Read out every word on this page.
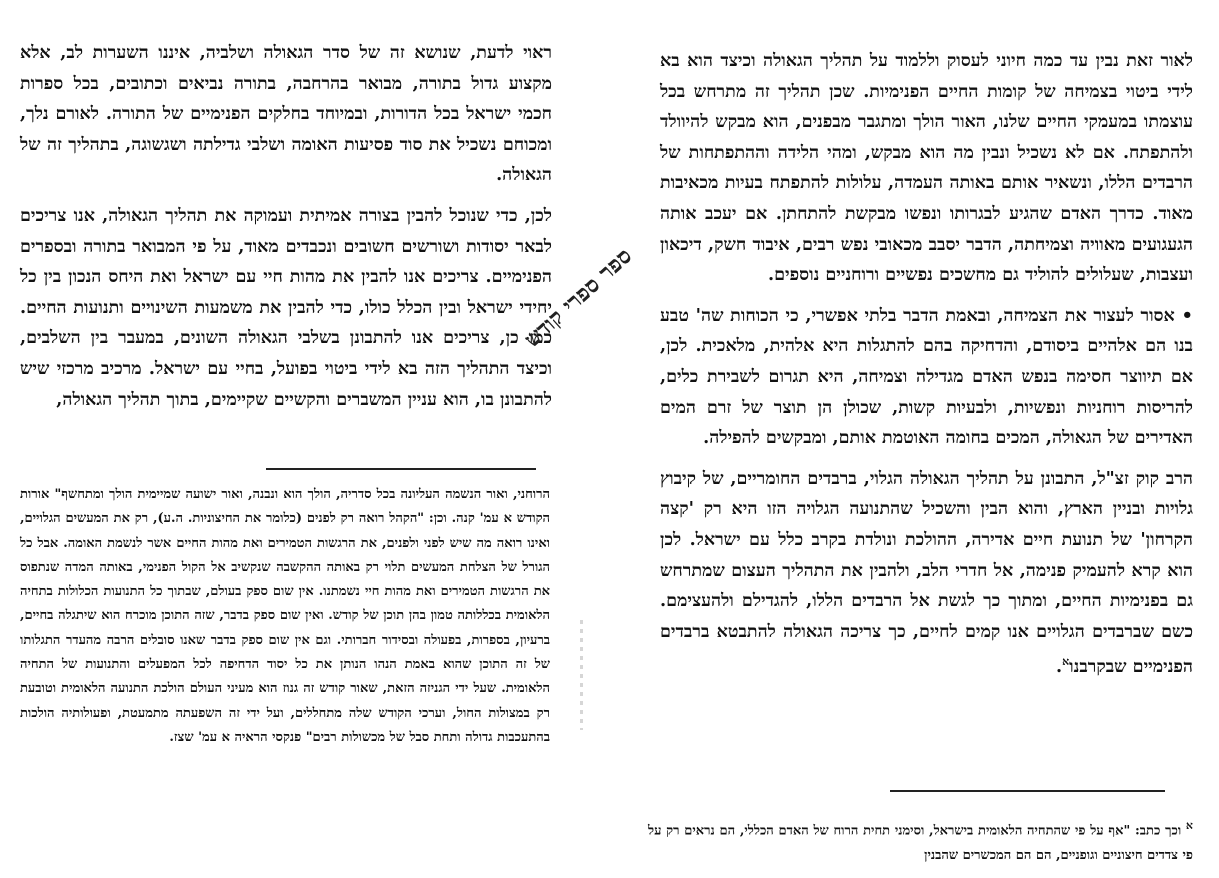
ראוי לדעת, שנושא זה של סדר הגאולה ושלביה, איננו השערות לב, אלא מקצוע גדול בתורה, מבואר בהרחבה, בתורה נביאים וכתובים, בכל ספרות חכמי ישראל בכל הדורות, ובמיוחד בחלקים הפנימיים של התורה. לאורם נלך, ומכוחם נשכיל את סוד פסיעות האומה ושלבי גדילתה ושגשוגה, בתהליך זה של הגאולה.

לכן, כדי שנוכל להבין בצורה אמיתית ועמוקה את תהליך הגאולה, אנו צריכים לבאר יסודות ושורשים חשובים ונכבדים מאוד, על פי המבואר בתורה ובספרים הפנימיים. צריכים אנו להבין את מהות חיי עם ישראל ואת היחס הנכון בין כל יחידי ישראל ובין הכלל כולו, כדי להבין את משמעות השינויים ותנועות החיים. כמו כן, צריכים אנו להתבונן בשלבי הגאולה השונים, במעבר בין השלבים, וכיצד התהליך הזה בא לידי ביטוי בפועל, בחיי עם ישראל. מרכיב מרכזי שיש להתבונן בו, הוא עניין המשברים והקשיים שקיימים, בתוך תהליך הגאולה,

הרוחני, ואור הנשמה העליונה בכל סדריה, הולך הוא ונבנה, ואור ישועה שמיימית הולך ומתחשף" אורות הקודש א עמ' קנה. וכן: "הקהל רואה רק לפנים (כלומר את החיצוניות. ה.ע), רק את המעשים הגלויים, ואינו רואה מה שיש לפני ולפנים, את הרגשות הטמירים ואת מהות החיים אשר לנשמת האומה. אבל כל הגורל של הצלחת המעשים תלוי רק באותה ההקשבה שנקשיב אל הקול הפנימי, באותה המדה שנתפוס את הרגשות הטמירים ואת מהות חיי נשמתנו. אין שום ספק בעולם, שבתוך כל התנועות הכלולות בתחיה הלאומית בכללותה טמון בהן תוכן של קודש. ואין שום ספק בדבר, שזה התוכן מוכרח הוא שיתגלה בחיים, ברעיון, בספרות, בפעולה ובסידור חברותי. וגם אין שום ספק בדבר שאנו סובלים הרבה מהעדר התגלותו של זה התוכן שהוא באמת הנהו הנותן את כל יסוד הדחיפה לכל המפעלים והתנועות של התחיה הלאומית. שעל ידי הגניזה הזאת, שאור קודש זה גנוז הוא מעיני העולם הולכת התנועה הלאומית וטובעת רק במצולות החול, וערכי הקודש שלה מתחללים, ועל ידי זה השפעתה מתמעטת, ופעולותיה הולכות בהתעכבות גדולה ותחת סבל של מכשולות רבים" פנקסי הראיה א עמ' שצז.

לאור זאת נבין עד כמה חיוני לעסוק וללמוד על תהליך הגאולה וכיצד הוא בא לידי ביטוי בצמיחה של קומות החיים הפנימיות. שכן תהליך זה מתרחש בכל עוצמתו במעמקי החיים שלנו, האור הולך ומתגבר מבפנים, הוא מבקש להיוולד ולהתפתח. אם לא נשכיל ונבין מה הוא מבקש, ומהי הלידה וההתפתחות של הרבדים הללו, ונשאיר אותם באותה העמדה, עלולות להתפתח בעיות מכאיבות מאוד. כדרך האדם שהגיע לבגרותו ונפשו מבקשת להתחתן. אם יעכב אותה הגעגועים מאוויה וצמיחתה, הדבר יסבב מכאובי נפש רבים, איבוד חשק, דיכאון ועצבות, שעלולים להוליד גם מחשכים נפשיים ורוחניים נוספים.

• אסור לעצור את הצמיחה, ובאמת הדבר בלתי אפשרי, כי הכוחות שה' טבע בנו הם אלהיים ביסודם, והדחיקה בהם להתגלות היא אלהית, מלאכית. לכן, אם תיווצר חסימה בנפש האדם מגדילה וצמיחה, היא תגרום לשבירת כלים, להריסות רוחניות ונפשיות, ולבעיות קשות, שכולן הן תוצר של זרם המים האדירים של הגאולה, המכים בחומה האוטמת אותם, ומבקשים להפילה.

הרב קוק זצ"ל, התבונן על תהליך הגאולה הגלוי, ברבדים החומריים, של קיבוץ גלויות ובניין הארץ, והוא הבין והשכיל שהתנועה הגלויה הזו היא רק 'קצה הקרחון' של תנועת חיים אדירה, ההולכת ונולדת בקרב כלל עם ישראל. לכן הוא קרא להעמיק פנימה, אל חדרי הלב, ולהבין את התהליך העצום שמתרחש גם בפנימיות החיים, ומתוך כך לגשת אל הרבדים הללו, להגדילם ולהעצימם. כשם שברבדים הגלויים אנו קמים לחיים, כך צריכה הגאולה להתבטא ברבדים הפנימיים שבקרבנו$^א$.

$^א$ וכך כתב: "אף על פי שהתחיה הלאומית בישראל, וסימני תחית הרוח של האדם הכללי, הם נראים רק על פי צדדים חיצוניים וגופניים, הם הם המכשרים שהבנין

ספר ספרי קודש
